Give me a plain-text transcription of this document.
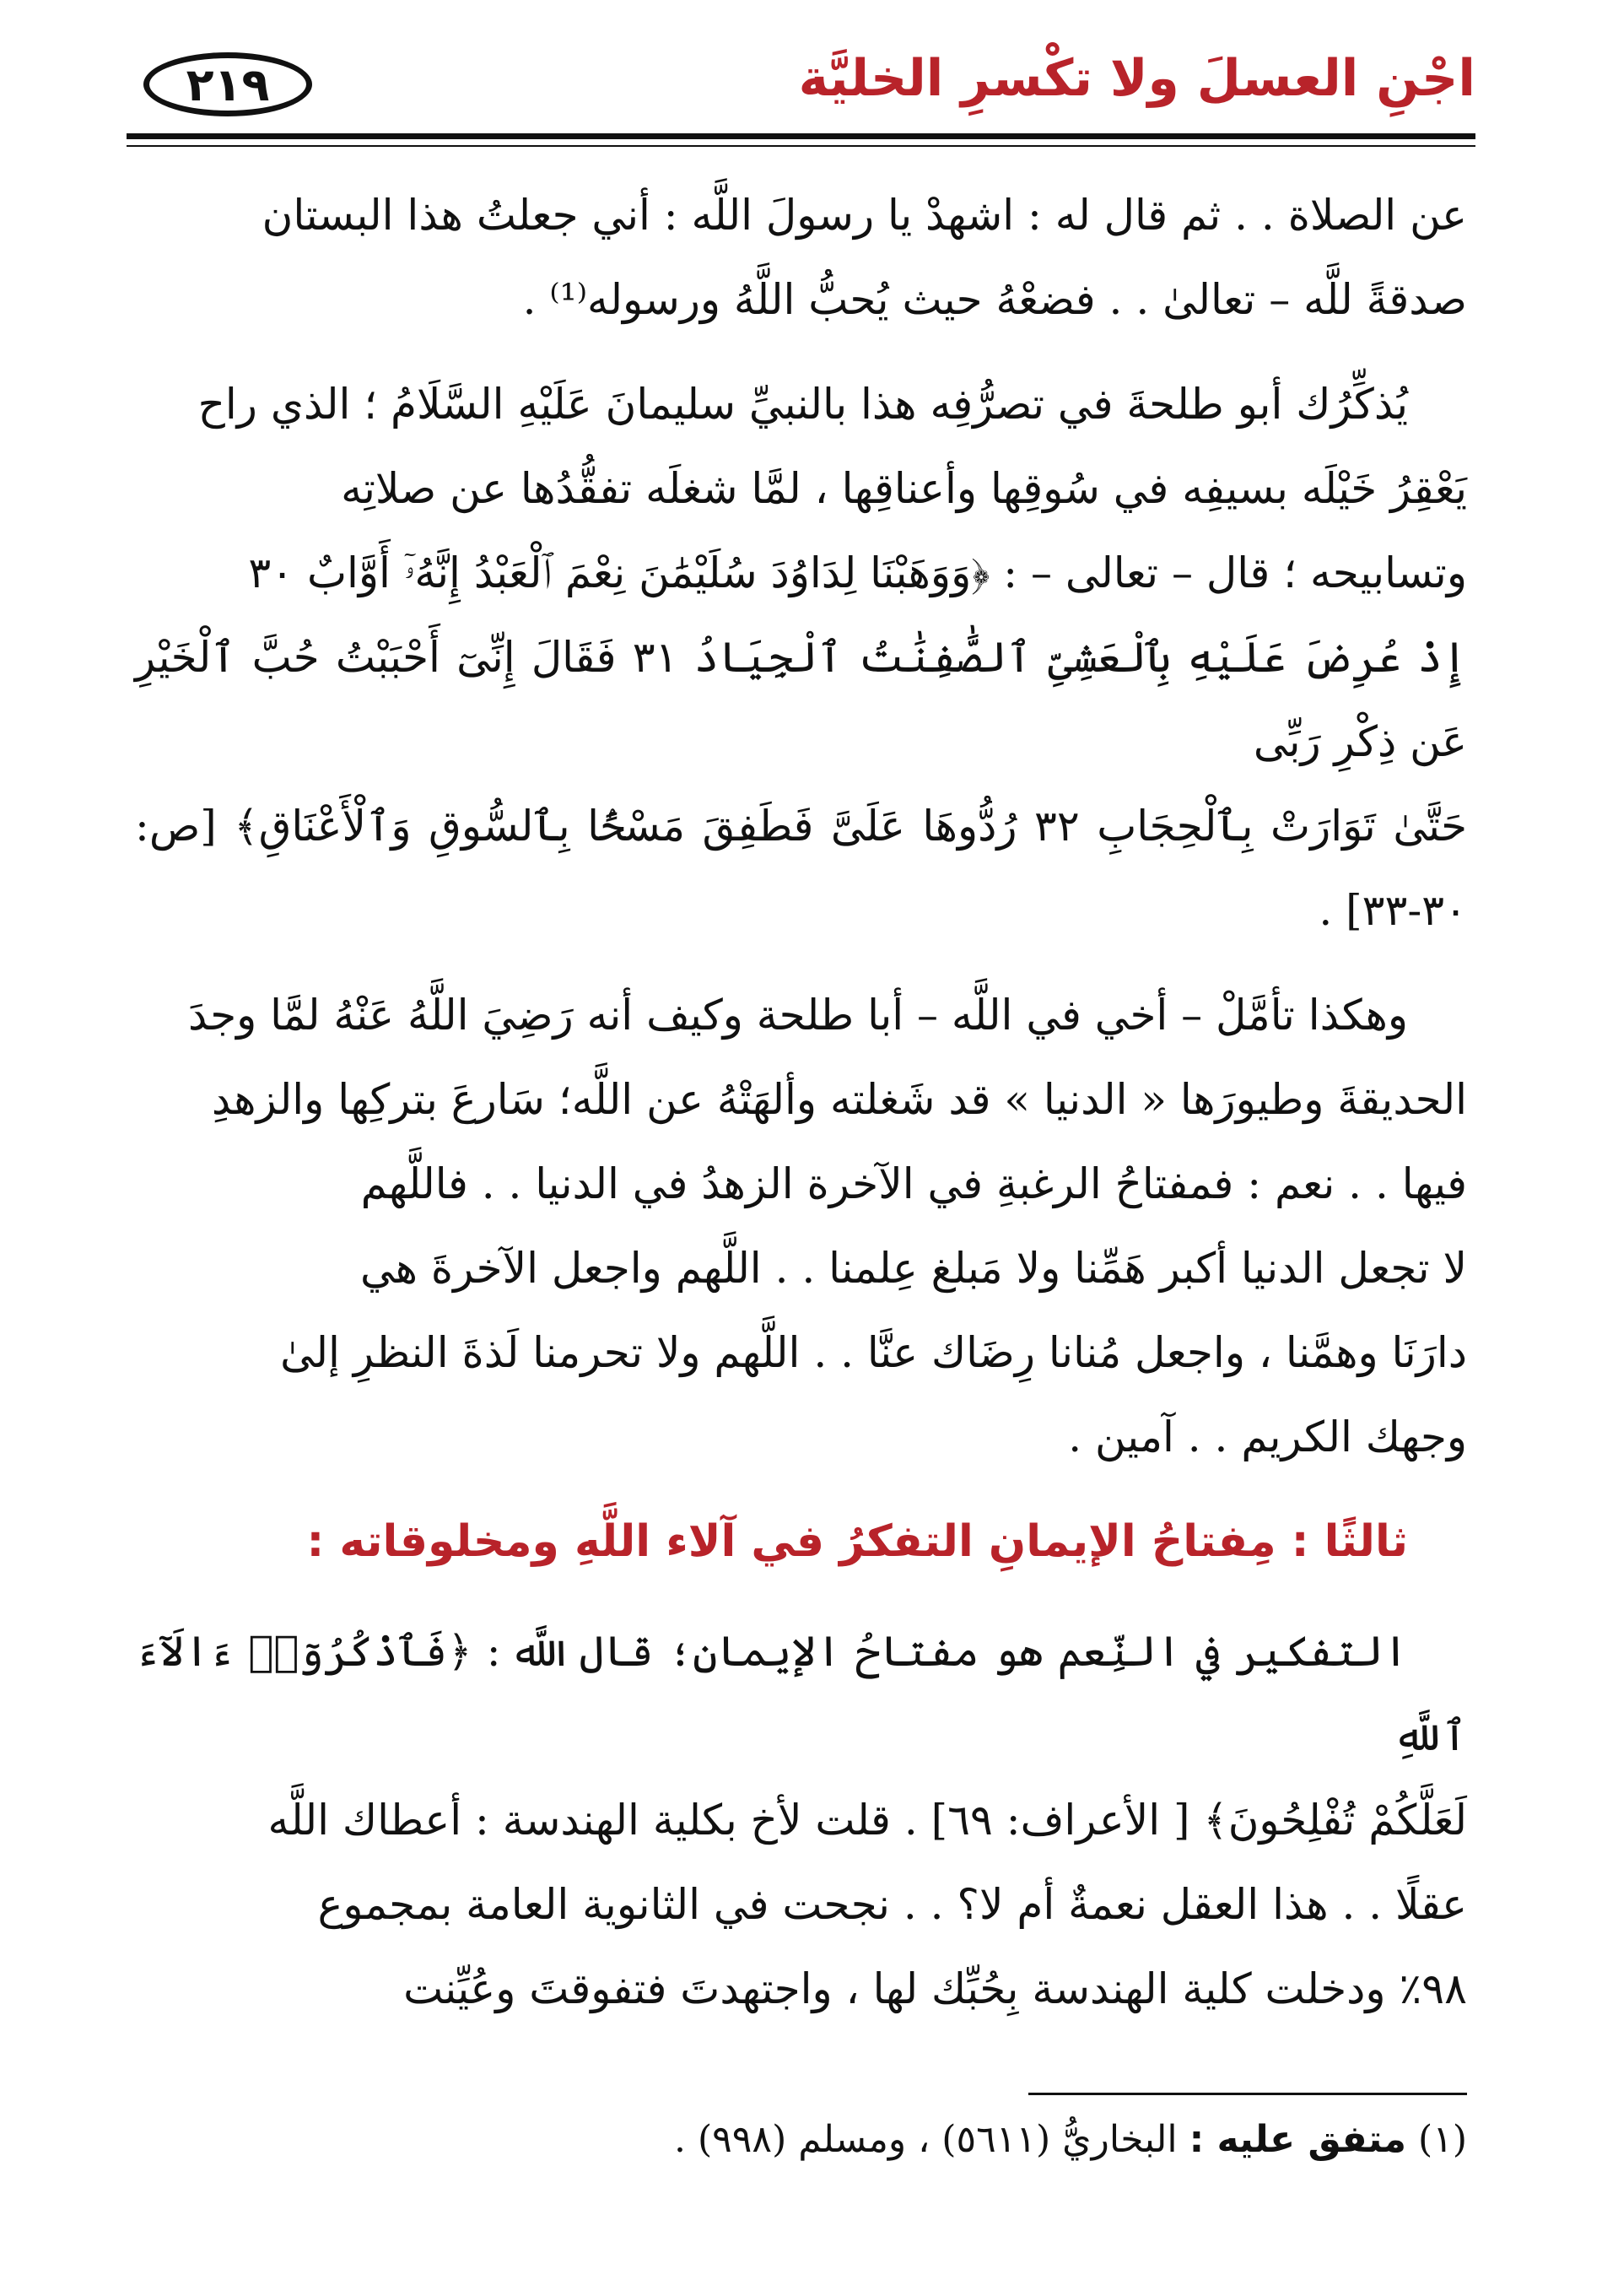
اجْنِ العسلَ ولا تكْسرِ الخليَّة
٢١٩

عن الصلاة . . ثم قال له : اشهدْ يا رسولَ اللَّه : أني جعلتُ هذا البستان

صدقةً للَّه – تعالىٰ . . فضعْهُ حيث يُحبُّ اللَّهُ ورسوله⁽¹⁾ .

يُذكِّرُك أبو طلحةَ في تصرُّفِه هذا بالنبيِّ سليمانَ عَلَيْهِ السَّلَامُ ؛ الذي راح

يَعْقِرُ خَيْلَه بسيفِه في سُوقِها وأعناقِها ، لمَّا شغلَه تفقُّدُها عن صلاتِه

وتسابيحه ؛ قال – تعالى – : ﴿وَوَهَبْنَا لِدَاوُدَ سُلَيْمَٰنَ نِعْمَ ٱلْعَبْدُ إِنَّهُۥٓ أَوَّابٌ ٣٠

إِذْ عُرِضَ عَلَيْهِ بِٱلْعَشِىِّ ٱلصَّٰفِنَٰتُ ٱلْجِيَادُ ٣١ فَقَالَ إِنِّىٓ أَحْبَبْتُ حُبَّ ٱلْخَيْرِ عَن ذِكْرِ رَبِّى

حَتَّىٰ تَوَارَتْ بِٱلْحِجَابِ ٣٢ رُدُّوهَا عَلَىَّ فَطَفِقَ مَسْحًۢا بِٱلسُّوقِ وَٱلْأَعْنَاقِ﴾ [ص: ٣٠-٣٣] .

وهكذا تأمَّلْ – أخي في اللَّه – أبا طلحة وكيف أنه رَضِيَ اللَّهُ عَنْهُ لمَّا وجدَ

الحديقةَ وطيورَها « الدنيا » قد شَغلته وألهَتْهُ عن اللَّه؛ سَارعَ بتركِها والزهدِ

فيها . . نعم : فمفتاحُ الرغبةِ في الآخرة الزهدُ في الدنيا . . فاللَّهم

لا تجعل الدنيا أكبر هَمِّنا ولا مَبلغ عِلمنا . . اللَّهم واجعل الآخرةَ هي

دارَنَا وهمَّنا ، واجعل مُنانا رِضَاك عنَّا . . اللَّهم ولا تحرمنا لَذةَ النظرِ إلىٰ

وجهك الكريم . . آمين .

ثالثًا : مِفتاحُ الإيمانِ التفكرُ في آلاء اللَّهِ ومخلوقاته :

التفكير في النِّعم هو مفتاحُ الإيمان؛ قال اللَّه : ﴿فَٱذْكُرُوٓا۟ ءَالَآءَ ٱللَّهِ

لَعَلَّكُمْ تُفْلِحُونَ﴾ [ الأعراف: ٦٩] . قلت لأخ بكلية الهندسة : أعطاك اللَّه

عقلًا . . هذا العقل نعمةٌ أم لا؟ . . نجحت في الثانوية العامة بمجموع

٩٨٪ ودخلت كلية الهندسة بِحُبِّك لها ، واجتهدتَ فتفوقتَ وعُيِّنت

(١) متفق عليه : البخاريُّ (٥٦١١) ، ومسلم (٩٩٨) .
